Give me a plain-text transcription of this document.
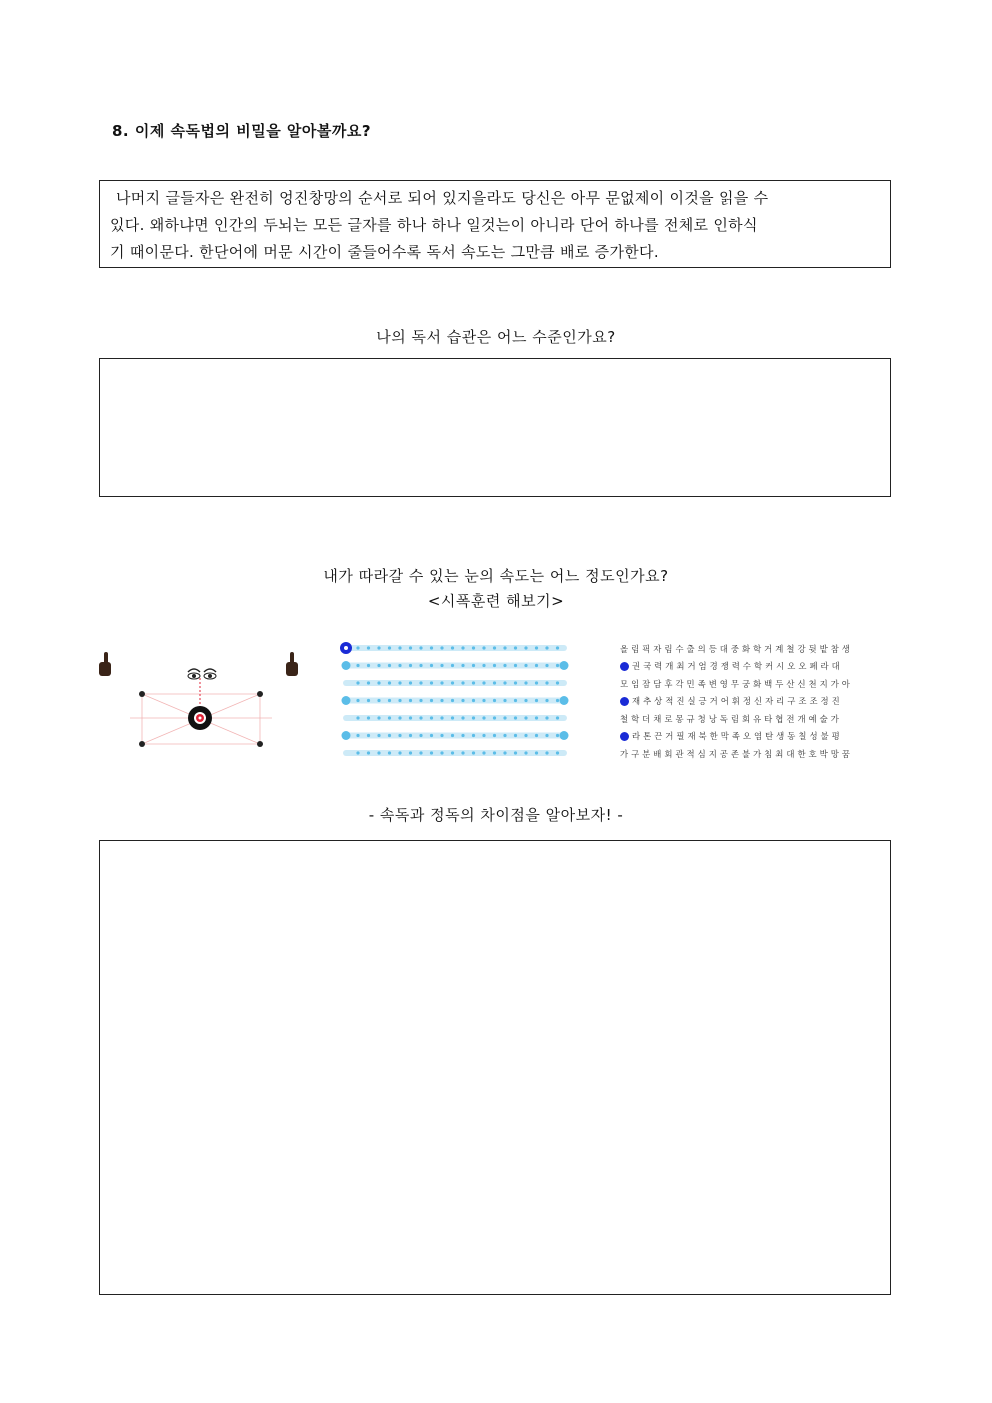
8. 이제 속독법의 비밀을 알아볼까요?
나머지 글들자은 완전히 엉진창망의 순서로 되어 있지을라도 당신은 아무 문없제이 이것을 읽을 수
있다. 왜하냐면 인간의 두뇌는 모든 글자를 하나 하나 일것는이 아니라 단어 하나를 전체로 인하식
기 때이문다. 한단어에 머문 시간이 줄들어수록 독서 속도는 그만큼 배로 증가한다.
나의 독서 습관은 어느 수준인가요?
내가 따라갈 수 있는 눈의 속도는 어느 정도인가요?
<시폭훈련 해보기>
올림픽자림수출의등대중화학거계철강뒷밭참생
권국력개최거엄경쟁력수학커시오오페라대
모임잠담후각민족변영무궁화백두산신천지가아
재추상적진실긍거어휘정신자리구조조정진
철학더채로몽규청낭독림회유타협전개예술가
라톤끈거필재북한막족오염탄생동칠성불평
가구분배회관적심지공존불가침최대한호박망꿈
- 속독과 정독의 차이점을 알아보자! -
